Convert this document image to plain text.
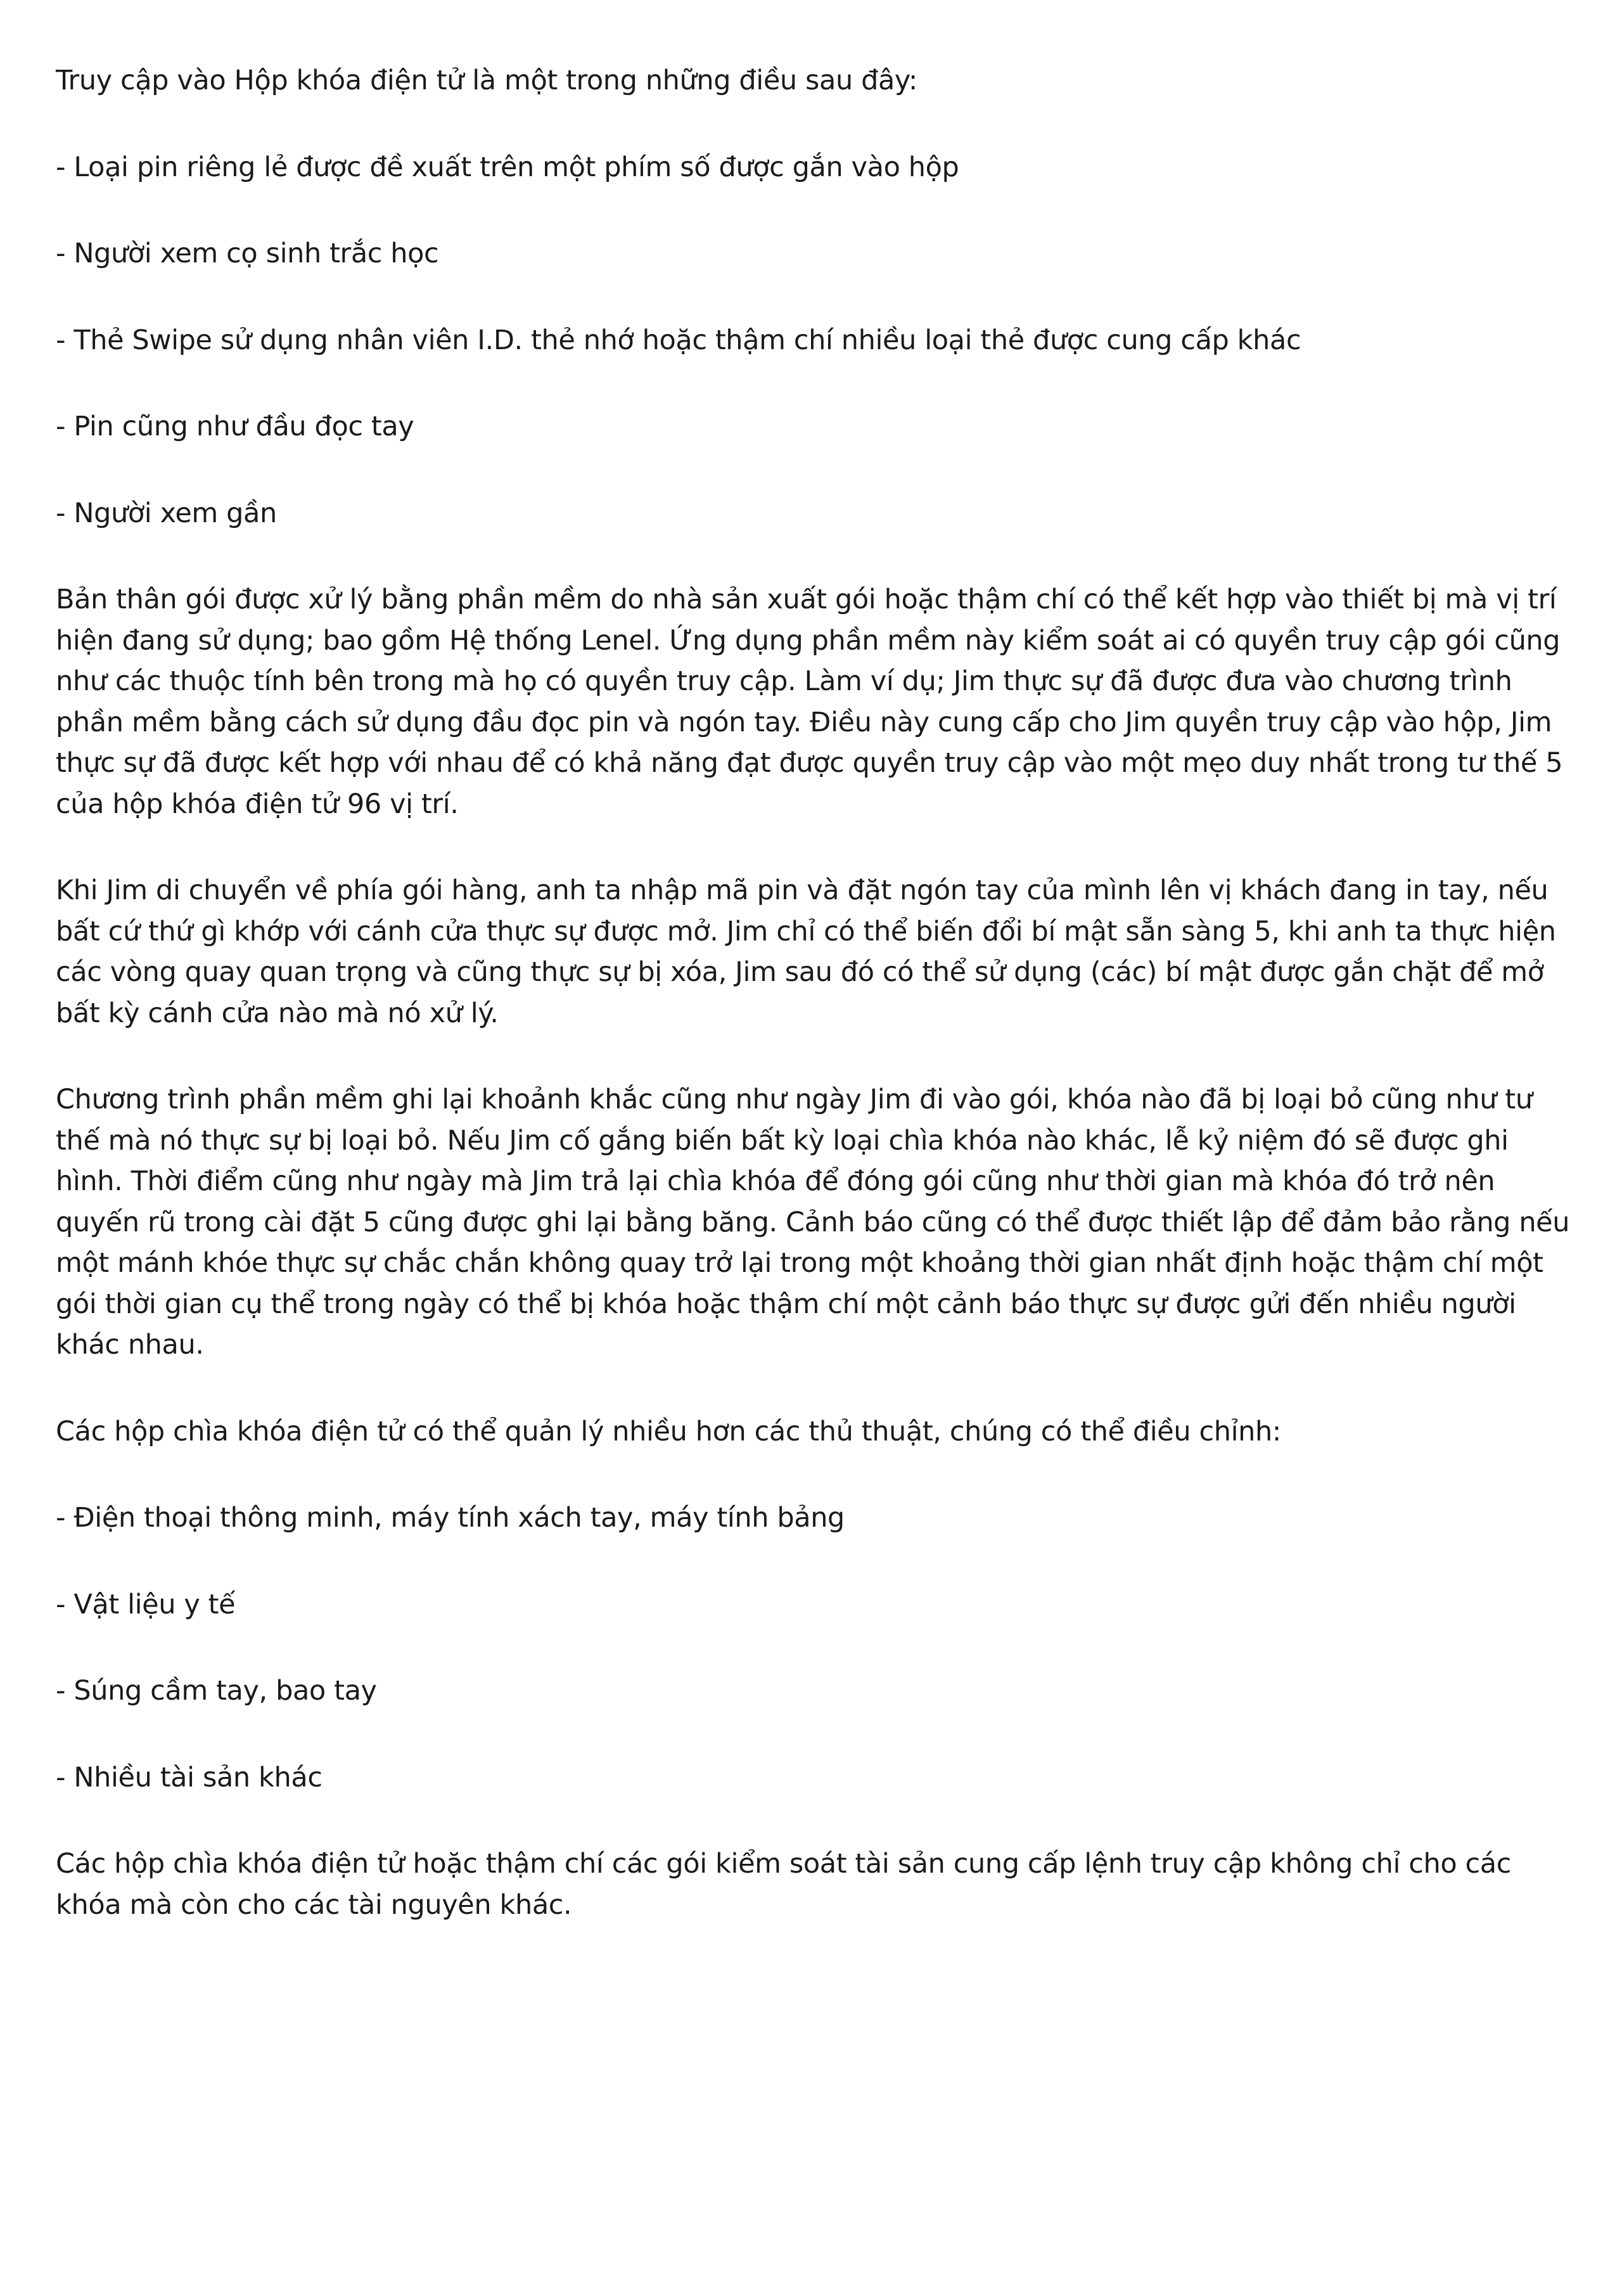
Truy cập vào Hộp khóa điện tử là một trong những điều sau đây:

- Loại pin riêng lẻ được đề xuất trên một phím số được gắn vào hộp

- Người xem cọ sinh trắc học

- Thẻ Swipe sử dụng nhân viên I.D. thẻ nhớ hoặc thậm chí nhiều loại thẻ được cung cấp khác

- Pin cũng như đầu đọc tay

- Người xem gần

Bản thân gói được xử lý bằng phần mềm do nhà sản xuất gói hoặc thậm chí có thể kết hợp vào thiết bị mà vị trí hiện đang sử dụng; bao gồm Hệ thống Lenel. Ứng dụng phần mềm này kiểm soát ai có quyền truy cập gói cũng như các thuộc tính bên trong mà họ có quyền truy cập. Làm ví dụ; Jim thực sự đã được đưa vào chương trình phần mềm bằng cách sử dụng đầu đọc pin và ngón tay. Điều này cung cấp cho Jim quyền truy cập vào hộp, Jim thực sự đã được kết hợp với nhau để có khả năng đạt được quyền truy cập vào một mẹo duy nhất trong tư thế 5 của hộp khóa điện tử 96 vị trí.

Khi Jim di chuyển về phía gói hàng, anh ta nhập mã pin và đặt ngón tay của mình lên vị khách đang in tay, nếu bất cứ thứ gì khớp với cánh cửa thực sự được mở. Jim chỉ có thể biến đổi bí mật sẵn sàng 5, khi anh ta thực hiện các vòng quay quan trọng và cũng thực sự bị xóa, Jim sau đó có thể sử dụng (các) bí mật được gắn chặt để mở bất kỳ cánh cửa nào mà nó xử lý.

Chương trình phần mềm ghi lại khoảnh khắc cũng như ngày Jim đi vào gói, khóa nào đã bị loại bỏ cũng như tư thế mà nó thực sự bị loại bỏ. Nếu Jim cố gắng biến bất kỳ loại chìa khóa nào khác, lễ kỷ niệm đó sẽ được ghi hình. Thời điểm cũng như ngày mà Jim trả lại chìa khóa để đóng gói cũng như thời gian mà khóa đó trở nên quyến rũ trong cài đặt 5 cũng được ghi lại bằng băng. Cảnh báo cũng có thể được thiết lập để đảm bảo rằng nếu một mánh khóe thực sự chắc chắn không quay trở lại trong một khoảng thời gian nhất định hoặc thậm chí một gói thời gian cụ thể trong ngày có thể bị khóa hoặc thậm chí một cảnh báo thực sự được gửi đến nhiều người khác nhau.

Các hộp chìa khóa điện tử có thể quản lý nhiều hơn các thủ thuật, chúng có thể điều chỉnh:

- Điện thoại thông minh, máy tính xách tay, máy tính bảng

- Vật liệu y tế

- Súng cầm tay, bao tay

- Nhiều tài sản khác

Các hộp chìa khóa điện tử hoặc thậm chí các gói kiểm soát tài sản cung cấp lệnh truy cập không chỉ cho các khóa mà còn cho các tài nguyên khác.
